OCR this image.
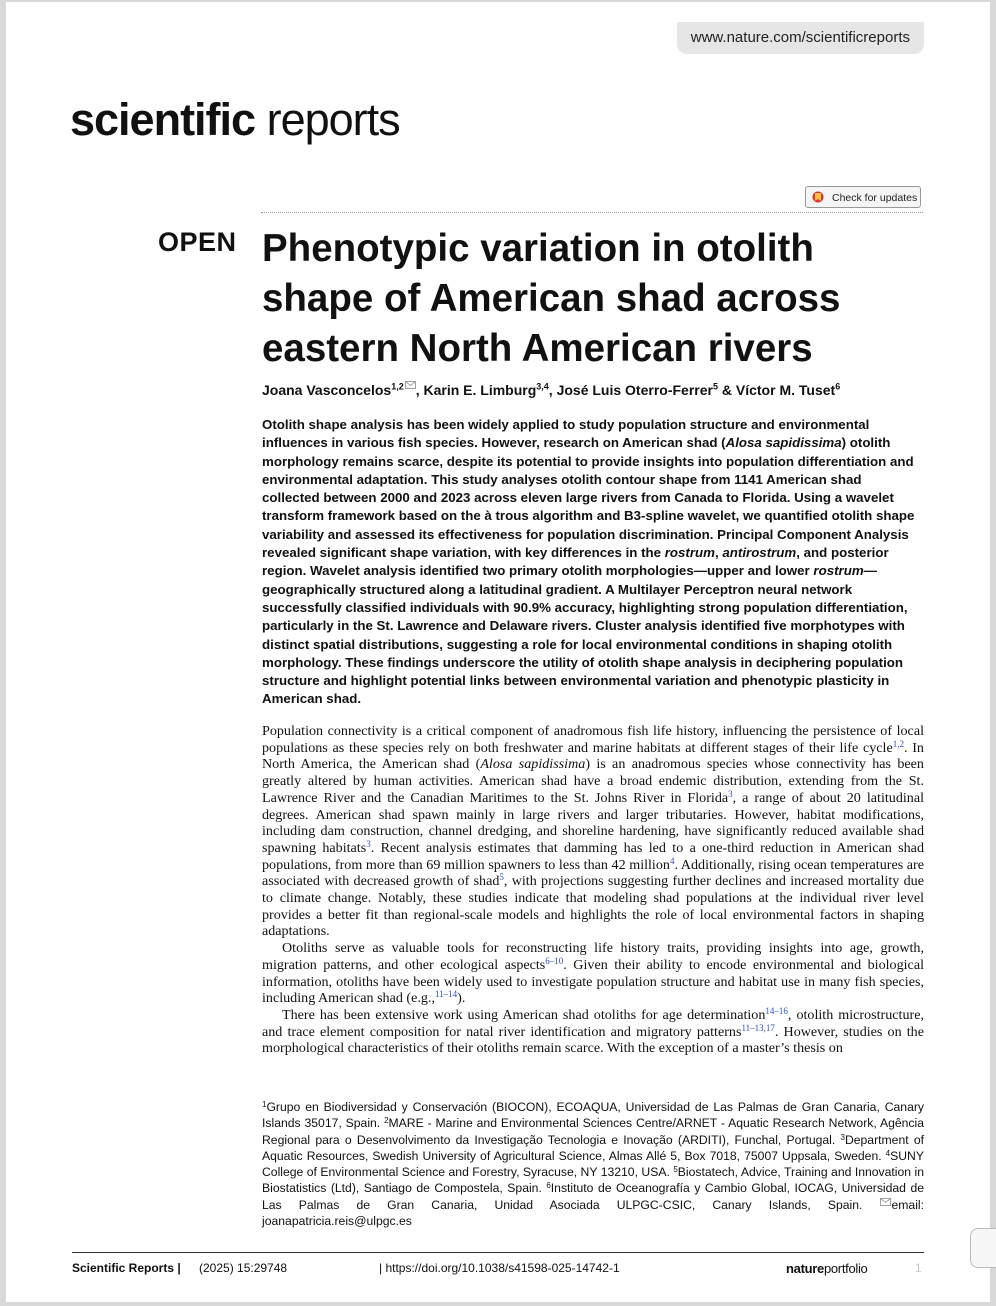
www.nature.com/scientificreports
scientific reports
Check for updates
OPEN Phenotypic variation in otolith shape of American shad across eastern North American rivers
Joana Vasconcelos$^{1,2}$ , Karin E. Limburg$^{3,4}$, José Luis Oterro-Ferrer$^5$ & Víctor M. Tuset$^6$

Otolith shape analysis has been widely applied to study population structure and environmental influences in various fish species. However, research on American shad (Alosa sapidissima) otolith morphology remains scarce, despite its potential to provide insights into population differentiation and environmental adaptation. This study analyses otolith contour shape from 1141 American shad collected between 2000 and 2023 across eleven large rivers from Canada to Florida. Using a wavelet transform framework based on the à trous algorithm and B3-spline wavelet, we quantified otolith shape variability and assessed its effectiveness for population discrimination. Principal Component Analysis revealed significant shape variation, with key differences in the rostrum, antirostrum, and posterior region. Wavelet analysis identified two primary otolith morphologies—upper and lower rostrum—geographically structured along a latitudinal gradient. A Multilayer Perceptron neural network successfully classified individuals with 90.9% accuracy, highlighting strong population differentiation, particularly in the St. Lawrence and Delaware rivers. Cluster analysis identified five morphotypes with distinct spatial distributions, suggesting a role for local environmental conditions in shaping otolith morphology. These findings underscore the utility of otolith shape analysis in deciphering population structure and highlight potential links between environmental variation and phenotypic plasticity in American shad.

Population connectivity is a critical component of anadromous fish life history, influencing the persistence of local populations as these species rely on both freshwater and marine habitats at different stages of their life cycle$^{1,2}$. In North America, the American shad (Alosa sapidissima) is an anadromous species whose connectivity has been greatly altered by human activities. American shad have a broad endemic distribution, extending from the St. Lawrence River and the Canadian Maritimes to the St. Johns River in Florida$^3$, a range of about 20 latitudinal degrees. American shad spawn mainly in large rivers and larger tributaries. However, habitat modifications, including dam construction, channel dredging, and shoreline hardening, have significantly reduced available shad spawning habitats$^3$. Recent analysis estimates that damming has led to a one-third reduction in American shad populations, from more than 69 million spawners to less than 42 million$^4$. Additionally, rising ocean temperatures are associated with decreased growth of shad$^5$, with projections suggesting further declines and increased mortality due to climate change. Notably, these studies indicate that modeling shad populations at the individual river level provides a better fit than regional-scale models and highlights the role of local environmental factors in shaping adaptations.

Otoliths serve as valuable tools for reconstructing life history traits, providing insights into age, growth, migration patterns, and other ecological aspects$^{6-10}$. Given their ability to encode environmental and biological information, otoliths have been widely used to investigate population structure and habitat use in many fish species, including American shad (e.g.,$^{11-14}$).

There has been extensive work using American shad otoliths for age determination$^{14-16}$, otolith microstructure, and trace element composition for natal river identification and migratory patterns$^{11-13,17}$. However, studies on the morphological characteristics of their otoliths remain scarce. With the exception of a master’s thesis on

$^1$Grupo en Biodiversidad y Conservación (BIOCON), ECOAQUA, Universidad de Las Palmas de Gran Canaria, Canary Islands 35017, Spain. $^2$MARE - Marine and Environmental Sciences Centre/ARNET - Aquatic Research Network, Agência Regional para o Desenvolvimento da Investigação Tecnologia e Inovação (ARDITI), Funchal, Portugal. $^3$Department of Aquatic Resources, Swedish University of Agricultural Science, Almas Allé 5, Box 7018, 75007 Uppsala, Sweden. $^4$SUNY College of Environmental Science and Forestry, Syracuse, NY 13210, USA. $^5$Biostatech, Advice, Training and Innovation in Biostatistics (Ltd), Santiago de Compostela, Spain. $^6$Instituto de Oceanografía y Cambio Global, IOCAG, Universidad de Las Palmas de Gran Canaria, Unidad Asociada ULPGC-CSIC, Canary Islands, Spain. email: joanapatricia.reis@ulpgc.es

Scientific Reports | (2025) 15:29748	| https://doi.org/10.1038/s41598-025-14742-1	natureportfolio	1
